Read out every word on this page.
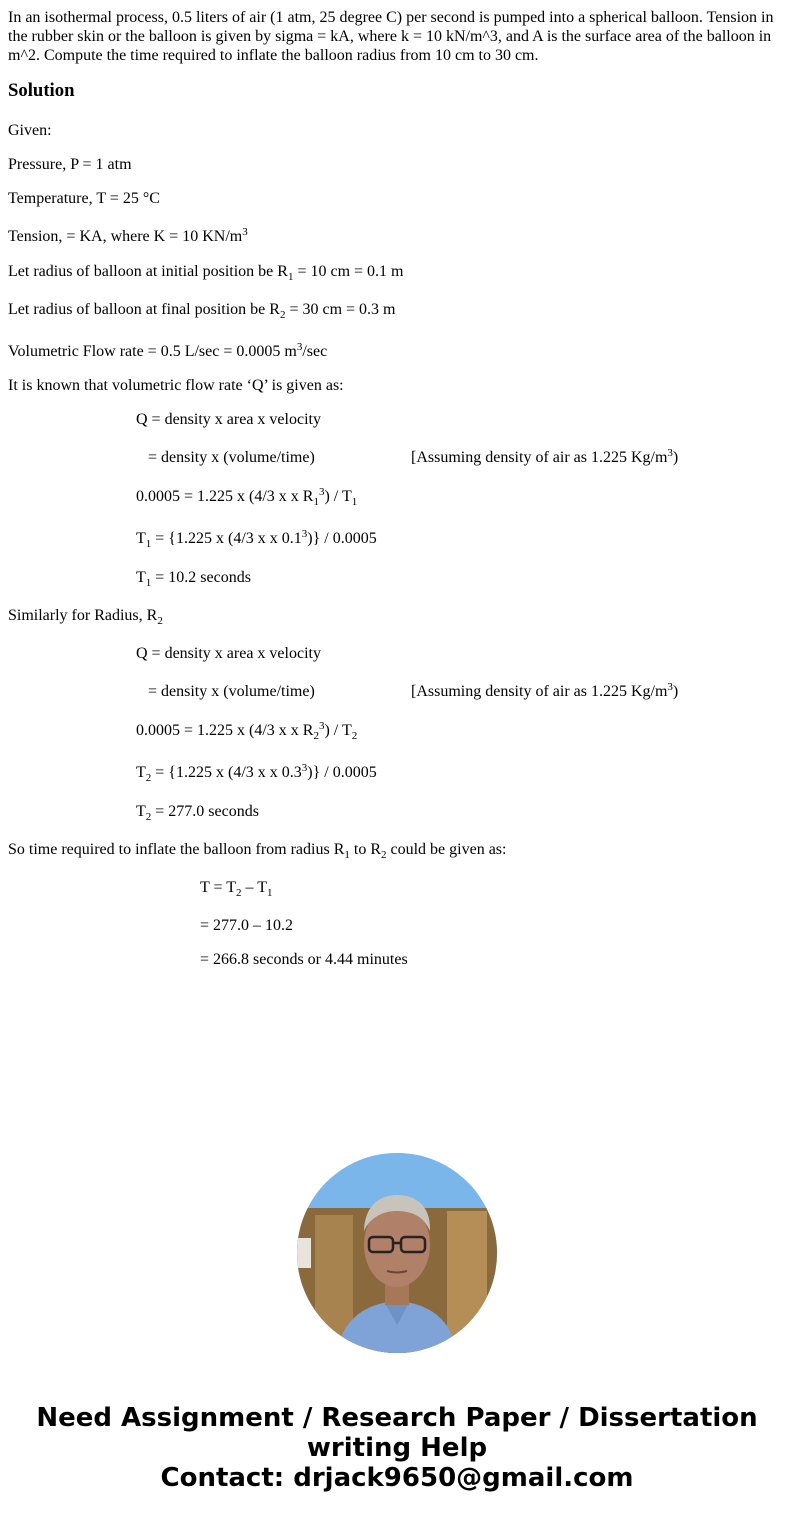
In an isothermal process, 0.5 liters of air (1 atm, 25 degree C) per second is pumped into a spherical balloon. Tension in the rubber skin or the balloon is given by sigma = kA, where k = 10 kN/m^3, and A is the surface area of the balloon in m^2. Compute the time required to inflate the balloon radius from 10 cm to 30 cm.

Solution

Given:

Pressure, P = 1 atm

Temperature, T = 25 °C

Tension, = KA, where K = 10 $KN/m^3$

Let radius of balloon at initial position be $R_1 = 10$ cm = 0.1 m

Let radius of balloon at final position be $R_2 = 30$ cm = 0.3 m

Volumetric Flow rate = 0.5 L/sec = 0.0005 $m^3/\sec$

It is known that volumetric flow rate ‘Q’ is given as:

Q = density x area x velocity

= density x (volume/time)	[Assuming density of air as 1.225 $Kg/m^3$)

0.0005 = 1.225 x (4/3 x x $R_1^3) / T_1$

$T_1 = \{1.225$ x (4/3 x x $0.1^3)\} / 0.0005$

$T_1 = 10.2$ seconds

Similarly for Radius, $R_2$

Q = density x area x velocity

= density x (volume/time)	[Assuming density of air as 1.225 $Kg/m^3$)

0.0005 = 1.225 x (4/3 x x $R_2^3) / T_2$

$T_2 = \{1.225$ x (4/3 x x $0.3^3)\} / 0.0005$

$T_2 = 277.0$ seconds

So time required to inflate the balloon from radius $R_1$ to $R_2$ could be given as:

$T = T_2 - T_1$

= 277.0 – 10.2

= 266.8 seconds or 4.44 minutes

Need Assignment / Research Paper / Dissertation
writing Help
Contact: drjack9650@gmail.com
